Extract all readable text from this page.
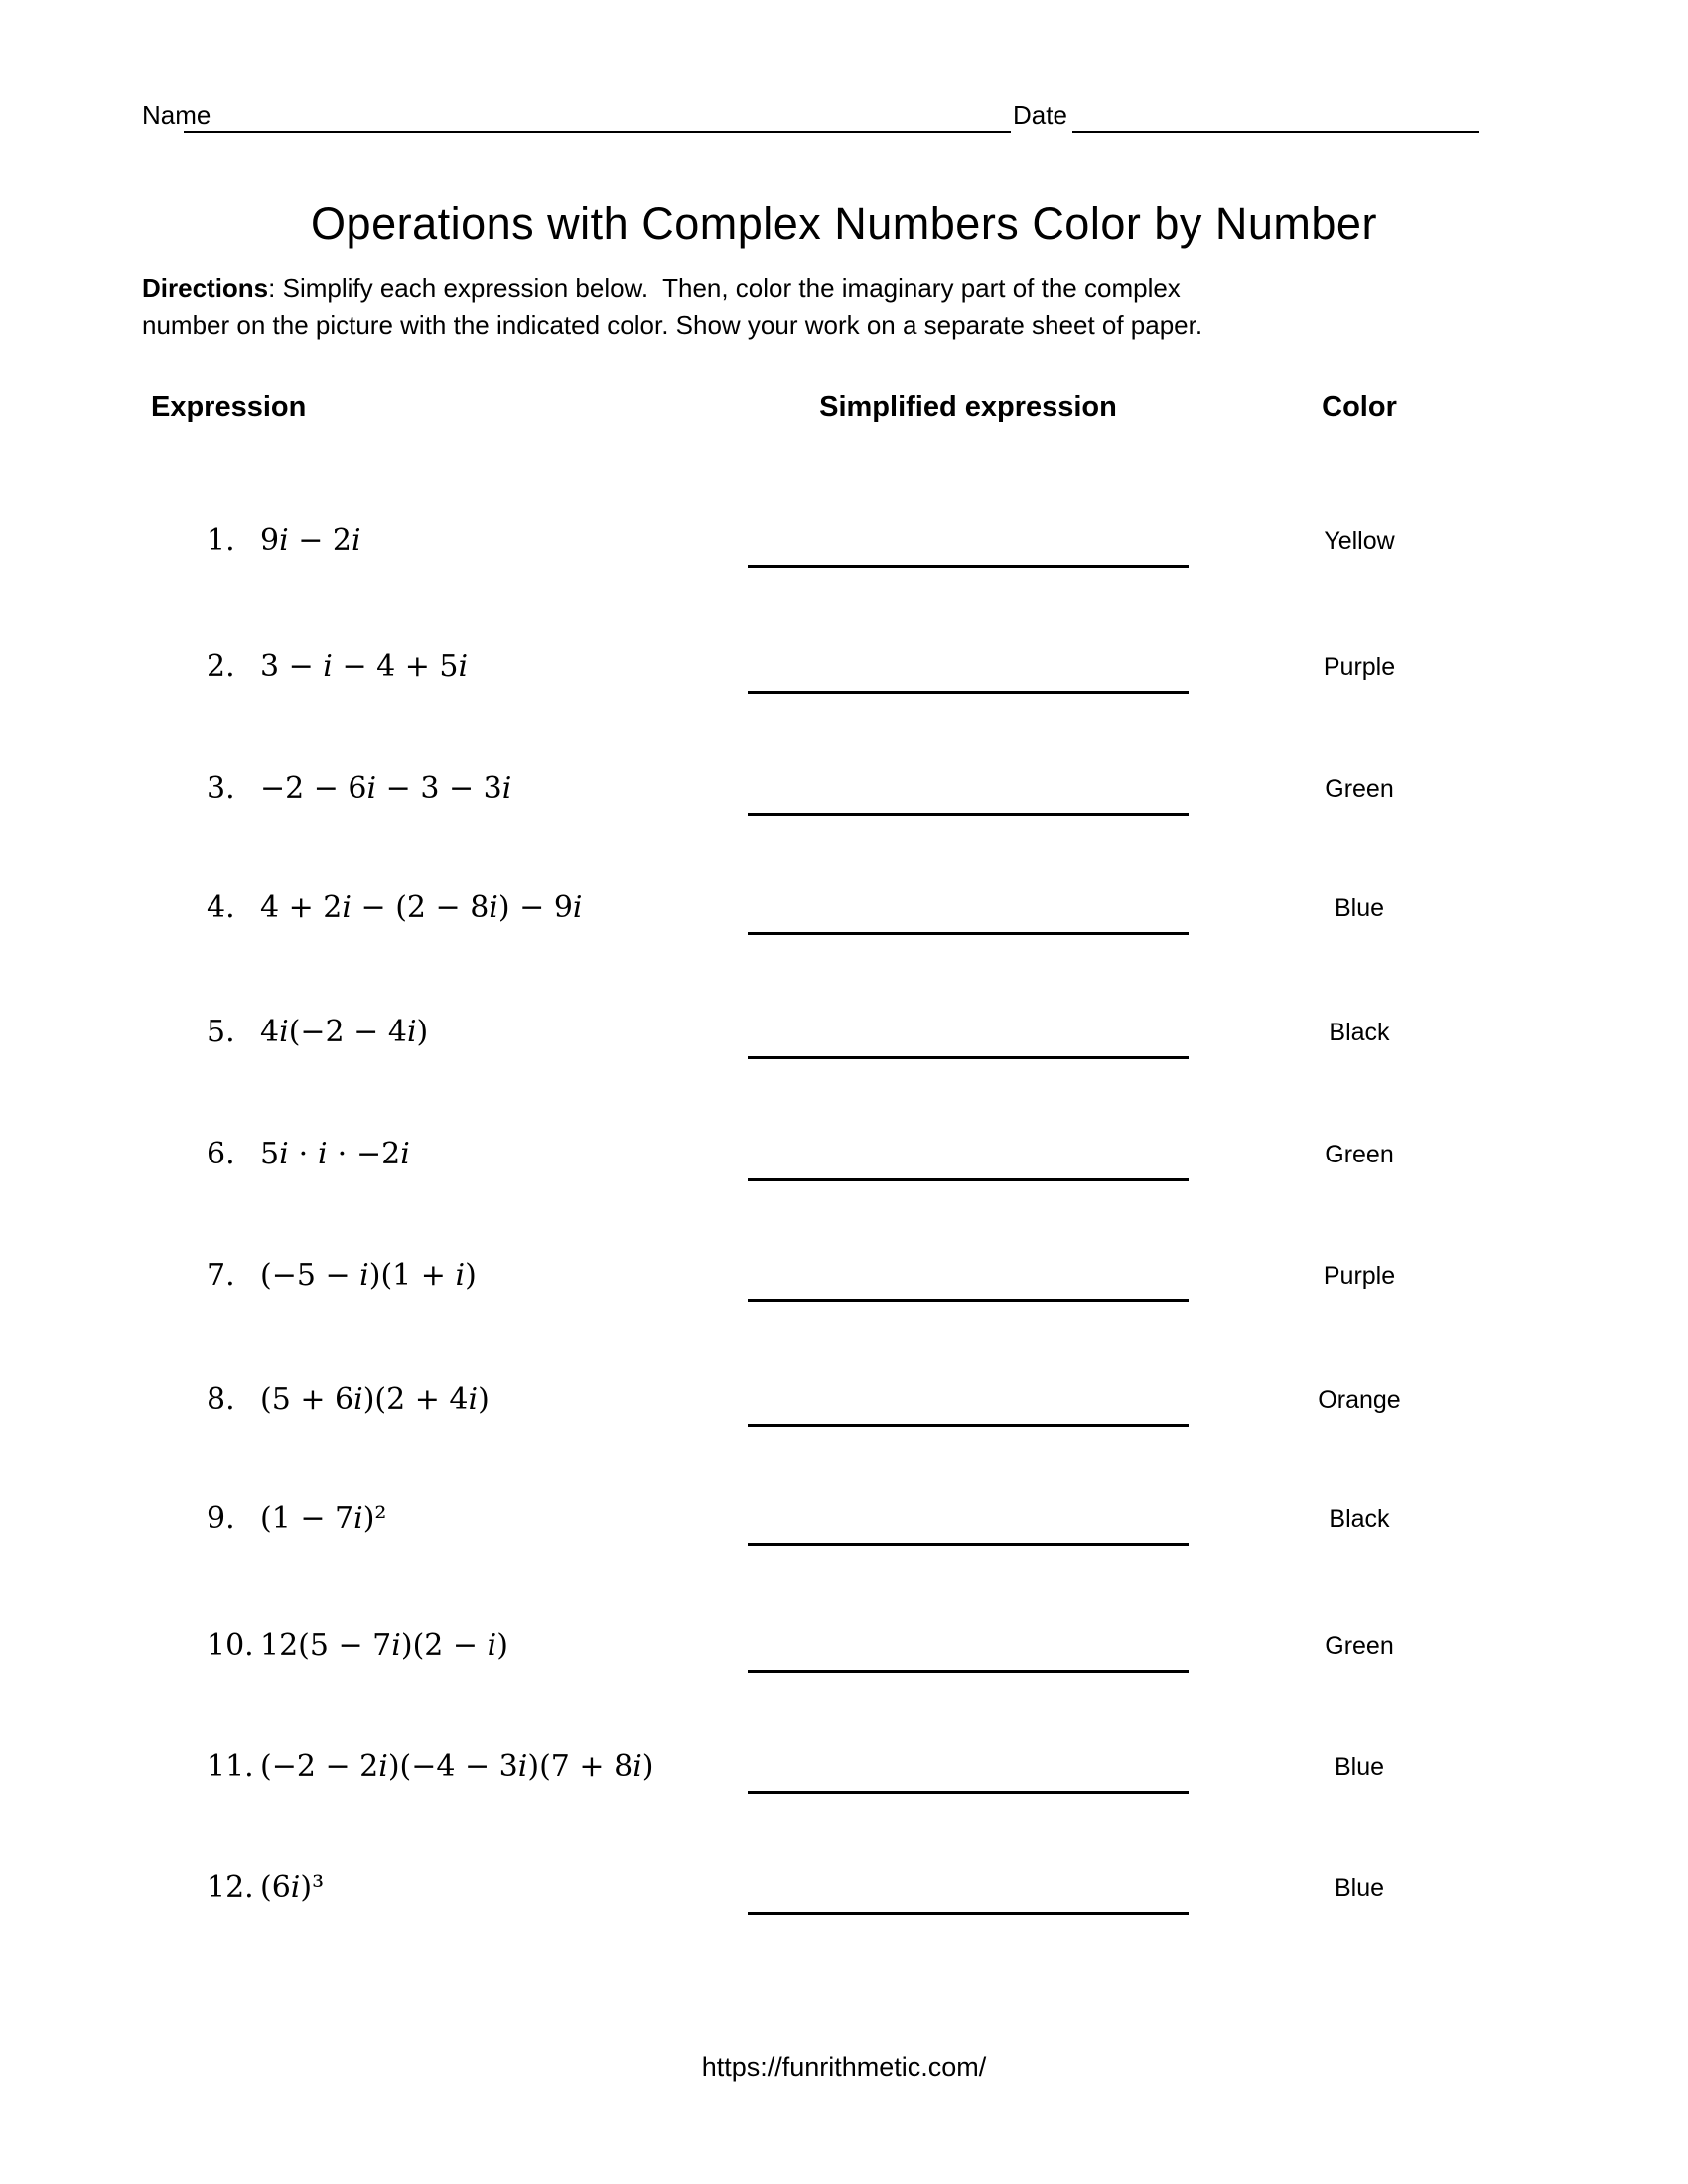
Name	Date
Operations with Complex Numbers Color by Number
Directions: Simplify each expression below.  Then, color the imaginary part of the complex
number on the picture with the indicated color. Show your work on a separate sheet of paper.
Expression	Simplified expression	Color
1. 9i − 2i	Yellow
2. 3 − i − 4 + 5i	Purple
3. −2 − 6i − 3 − 3i	Green
4. 4 + 2i − (2 − 8i) − 9i	Blue
5. 4i(−2 − 4i)	Black
6. 5i ⋅ i ⋅ −2i	Green
7. (−5 − i)(1 + i)	Purple
8. (5 + 6i)(2 + 4i)	Orange
9. (1 − 7i)²	Black
10. 12(5 − 7i)(2 − i)	Green
11. (−2 − 2i)(−4 − 3i)(7 + 8i)	Blue
12. (6i)³	Blue
https://funrithmetic.com/
